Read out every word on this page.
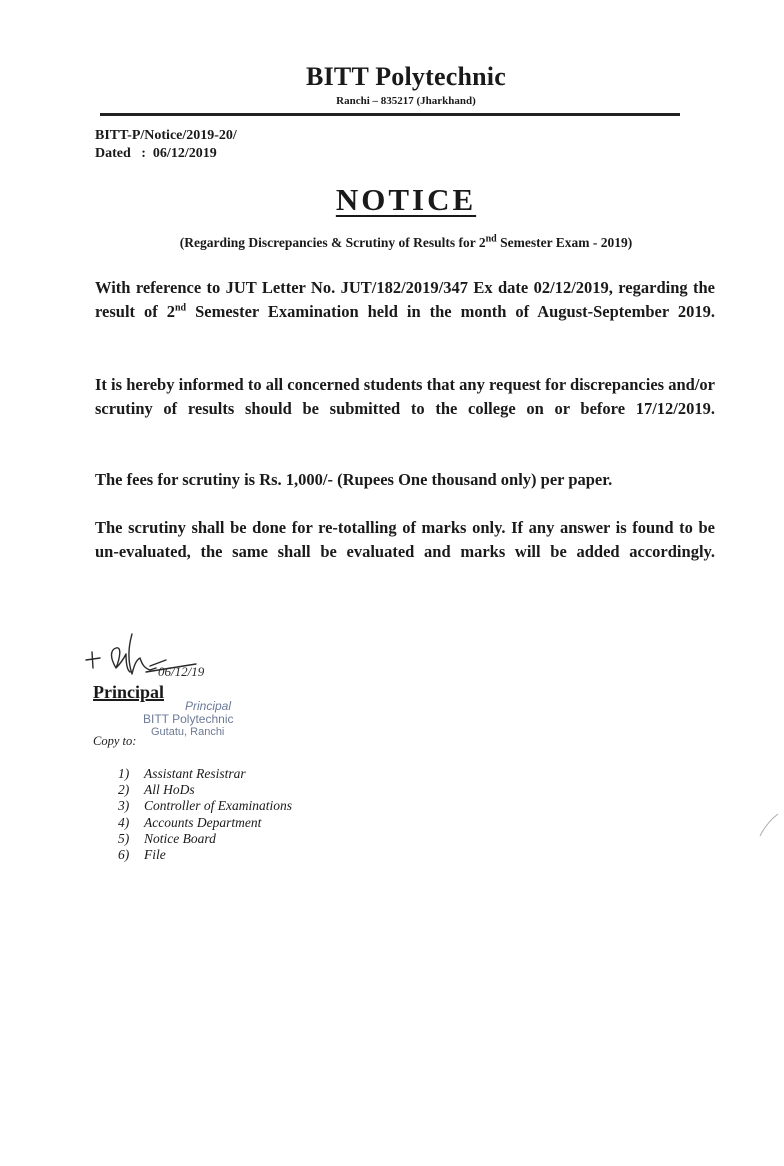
BITT Polytechnic
Ranchi – 835217 (Jharkhand)
BITT-P/Notice/2019-20/
Dated   :  06/12/2019
NOTICE
(Regarding Discrepancies & Scrutiny of Results for 2nd Semester Exam - 2019)
With reference to JUT Letter No. JUT/182/2019/347 Ex date 02/12/2019, regarding the result of 2nd Semester Examination held in the month of August-September 2019.
It is hereby informed to all concerned students that any request for discrepancies and/or scrutiny of results should be submitted to the college on or before 17/12/2019.
The fees for scrutiny is Rs. 1,000/- (Rupees One thousand only) per paper.
The scrutiny shall be done for re-totalling of marks only. If any answer is found to be un-evaluated, the same shall be evaluated and marks will be added accordingly.
06/12/19
Principal
Principal
BITT Polytechnic
Gutatu, Ranchi
Copy to:
1) Assistant Resistrar
2) All HoDs
3) Controller of Examinations
4) Accounts Department
5) Notice Board
6) File
